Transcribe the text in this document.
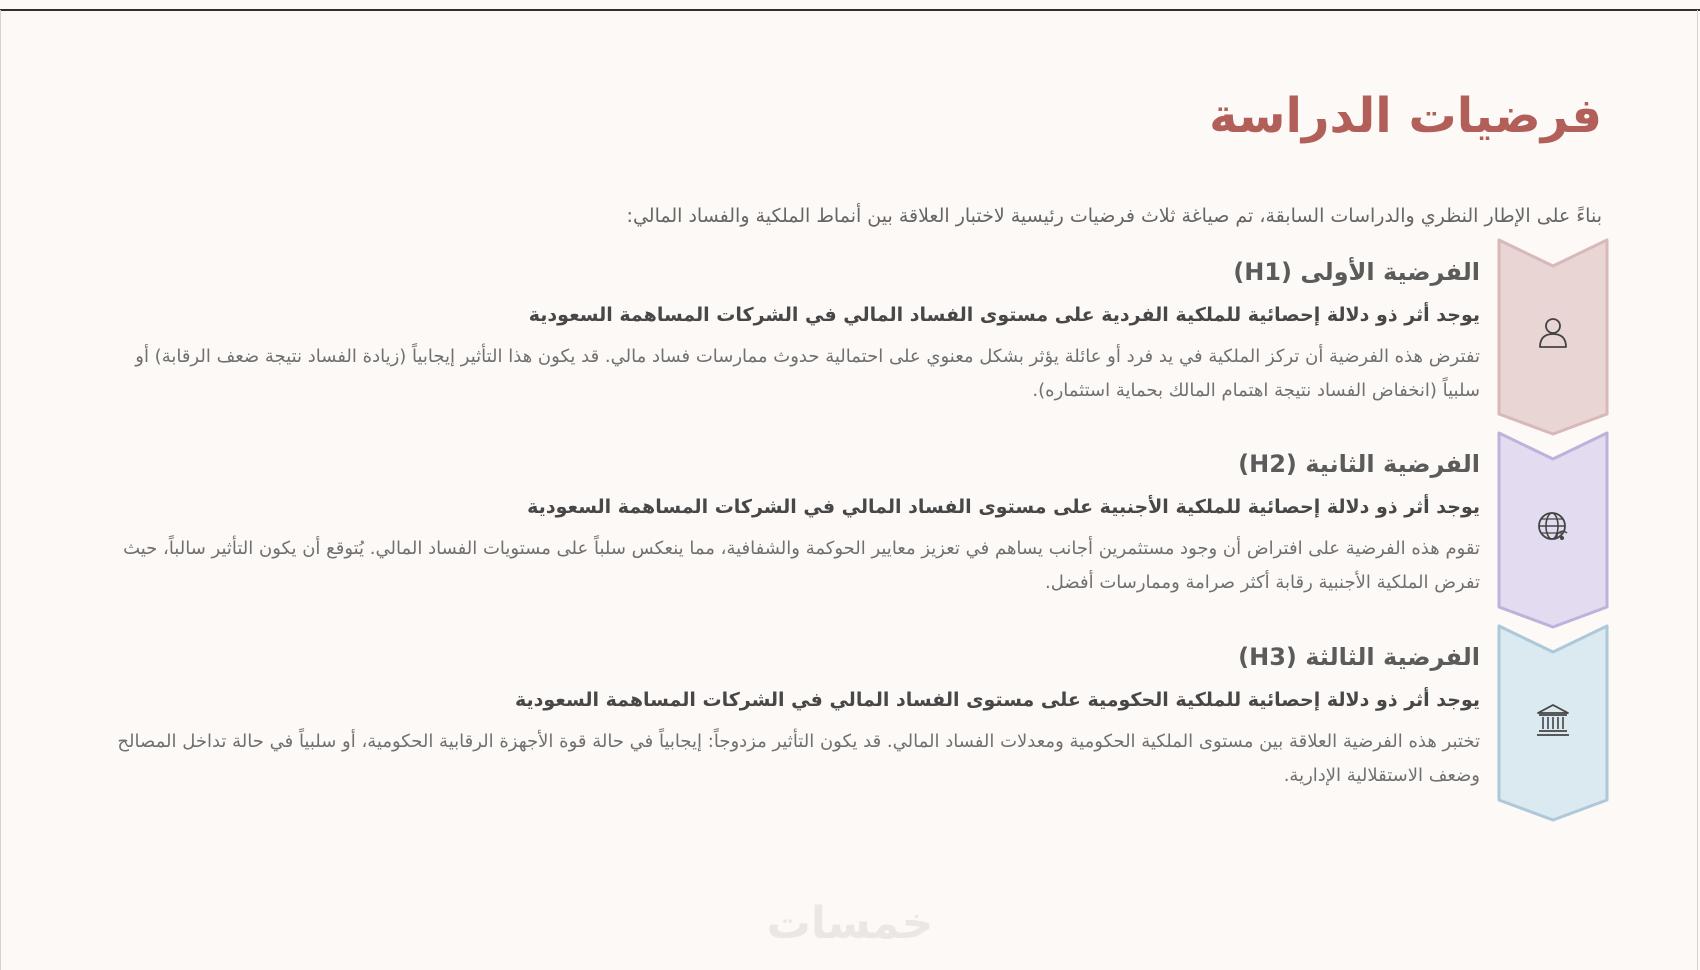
فرضيات الدراسة
بناءً على الإطار النظري والدراسات السابقة، تم صياغة ثلاث فرضيات رئيسية لاختبار العلاقة بين أنماط الملكية والفساد المالي:
الفرضية الأولى (H1)
يوجد أثر ذو دلالة إحصائية للملكية الفردية على مستوى الفساد المالي في الشركات المساهمة السعودية
تفترض هذه الفرضية أن تركز الملكية في يد فرد أو عائلة يؤثر بشكل معنوي على احتمالية حدوث ممارسات فساد مالي. قد يكون هذا التأثير إيجابياً (زيادة الفساد نتيجة ضعف الرقابة) أو سلبياً (انخفاض الفساد نتيجة اهتمام المالك بحماية استثماره).
الفرضية الثانية (H2)
يوجد أثر ذو دلالة إحصائية للملكية الأجنبية على مستوى الفساد المالي في الشركات المساهمة السعودية
تقوم هذه الفرضية على افتراض أن وجود مستثمرين أجانب يساهم في تعزيز معايير الحوكمة والشفافية، مما ينعكس سلباً على مستويات الفساد المالي. يُتوقع أن يكون التأثير سالباً، حيث تفرض الملكية الأجنبية رقابة أكثر صرامة وممارسات أفضل.
الفرضية الثالثة (H3)
يوجد أثر ذو دلالة إحصائية للملكية الحكومية على مستوى الفساد المالي في الشركات المساهمة السعودية
تختبر هذه الفرضية العلاقة بين مستوى الملكية الحكومية ومعدلات الفساد المالي. قد يكون التأثير مزدوجاً: إيجابياً في حالة قوة الأجهزة الرقابية الحكومية، أو سلبياً في حالة تداخل المصالح وضعف الاستقلالية الإدارية.
خمسات
